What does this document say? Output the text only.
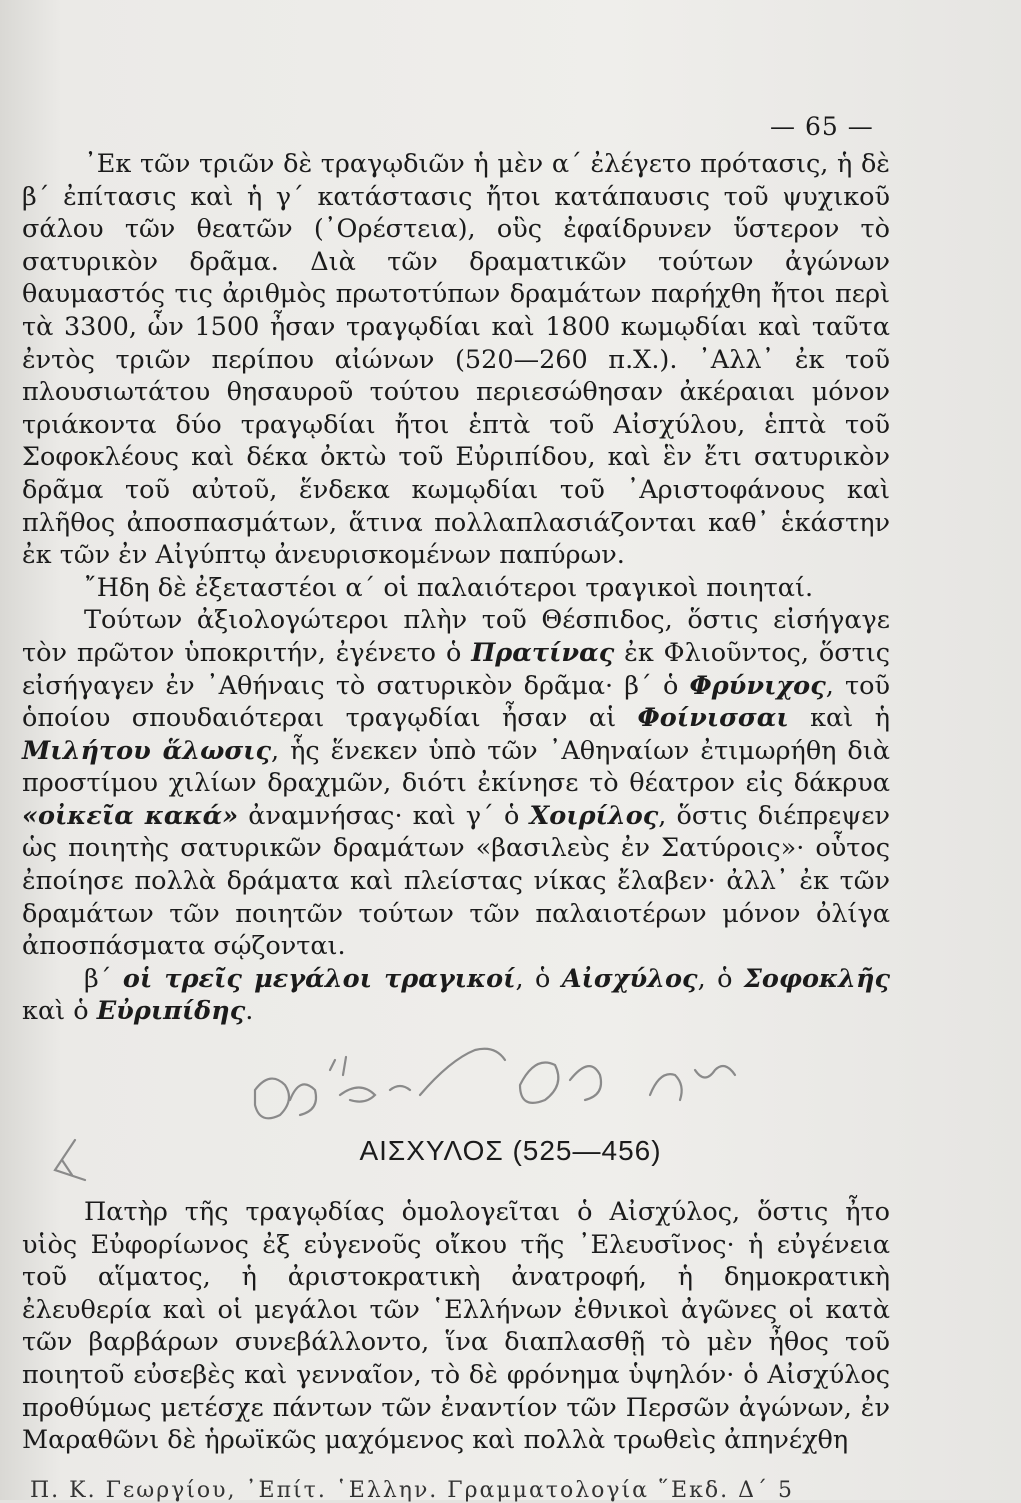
— 65 —

᾿Εκ τῶν τριῶν δὲ τραγῳδιῶν ἡ μὲν α΄ ἐλέγετο πρότασις, ἡ δὲ β΄ ἐπίτασις καὶ ἡ γ΄ κατάστασις ἤτοι κατάπαυσις τοῦ ψυχικοῦ σάλου τῶν θεατῶν (᾿Ορέστεια), οὓς ἐφαίδρυνεν ὕστερον τὸ σατυρικὸν δρᾶμα. Διὰ τῶν δραματικῶν τούτων ἀγώνων θαυμαστός τις ἀριθμὸς πρωτοτύπων δραμάτων παρήχθη ἤτοι περὶ τὰ 3300, ὧν 1500 ἦσαν τραγῳδίαι καὶ 1800 κωμῳδίαι καὶ ταῦτα ἐντὸς τριῶν περίπου αἰώνων (520—260 π.Χ.). ᾿Αλλ᾿ ἐκ τοῦ πλουσιωτάτου θησαυροῦ τούτου περιεσώθησαν ἀκέραιαι μόνον τριάκοντα δύο τραγῳδίαι ἤτοι ἑπτὰ τοῦ Αἰσχύλου, ἑπτὰ τοῦ Σοφοκλέους καὶ δέκα ὀκτὼ τοῦ Εὐριπίδου, καὶ ἓν ἔτι σατυρικὸν δρᾶμα τοῦ αὐτοῦ, ἕνδεκα κωμῳδίαι τοῦ ᾿Αριστοφάνους καὶ πλῆθος ἀποσπασμάτων, ἅτινα πολλαπλασιάζονται καθ᾿ ἑκάστην ἐκ τῶν ἐν Αἰγύπτῳ ἀνευρισκομένων παπύρων.

῎Ηδη δὲ ἐξεταστέοι α΄ οἱ παλαιότεροι τραγικοὶ ποιηταί.

Τούτων ἀξιολογώτεροι πλὴν τοῦ Θέσπιδος, ὅστις εἰσήγαγε τὸν πρῶτον ὑποκριτήν, ἐγένετο ὁ Πρατίνας ἐκ Φλιοῦντος, ὅστις εἰσήγαγεν ἐν ᾿Αθήναις τὸ σατυρικὸν δρᾶμα· β΄ ὁ Φρύνιχος, τοῦ ὁποίου σπουδαιότεραι τραγῳδίαι ἦσαν αἱ Φοίνισσαι καὶ ἡ Μιλήτου ἅλωσις, ἧς ἕνεκεν ὑπὸ τῶν ᾿Αθηναίων ἐτιμωρήθη διὰ προστίμου χιλίων δραχμῶν, διότι ἐκίνησε τὸ θέατρον εἰς δάκρυα «οἰκεῖα κακά» ἀναμνήσας· καὶ γ΄ ὁ Χοιρίλος, ὅστις διέπρεψεν ὡς ποιητὴς σατυρικῶν δραμάτων «βασιλεὺς ἐν Σατύροις»· οὗτος ἐποίησε πολλὰ δράματα καὶ πλείστας νίκας ἔλαβεν· ἀλλ᾿ ἐκ τῶν δραμάτων τῶν ποιητῶν τούτων τῶν παλαιοτέρων μόνον ὀλίγα ἀποσπάσματα σῴζονται.

β΄ οἱ τρεῖς μεγάλοι τραγικοί, ὁ Αἰσχύλος, ὁ Σοφοκλῆς καὶ ὁ Εὐριπίδης.

ΑΙΣΧΥΛΟΣ (525—456)

Πατὴρ τῆς τραγῳδίας ὁμολογεῖται ὁ Αἰσχύλος, ὅστις ἦτο υἱὸς Εὐφορίωνος ἐξ εὐγενοῦς οἴκου τῆς ᾿Ελευσῖνος· ἡ εὐγένεια τοῦ αἵματος, ἡ ἀριστοκρατικὴ ἀνατροφή, ἡ δημοκρατικὴ ἐλευθερία καὶ οἱ μεγάλοι τῶν ῾Ελλήνων ἐθνικοὶ ἀγῶνες οἱ κατὰ τῶν βαρβάρων συνεβάλλοντο, ἵνα διαπλασθῇ τὸ μὲν ἦθος τοῦ ποιητοῦ εὐσεβὲς καὶ γενναῖον, τὸ δὲ φρόνημα ὑψηλόν· ὁ Αἰσχύλος προθύμως μετέσχε πάντων τῶν ἐναντίον τῶν Περσῶν ἀγώνων, ἐν Μαραθῶνι δὲ ἡρωϊκῶς μαχόμενος καὶ πολλὰ τρωθεὶς ἀπηνέχθη

Π. Κ. Γεωργίου, ᾿Επίτ. ῾Ελλην. Γραμματολογία ῞Εκδ. Δ΄ 5
